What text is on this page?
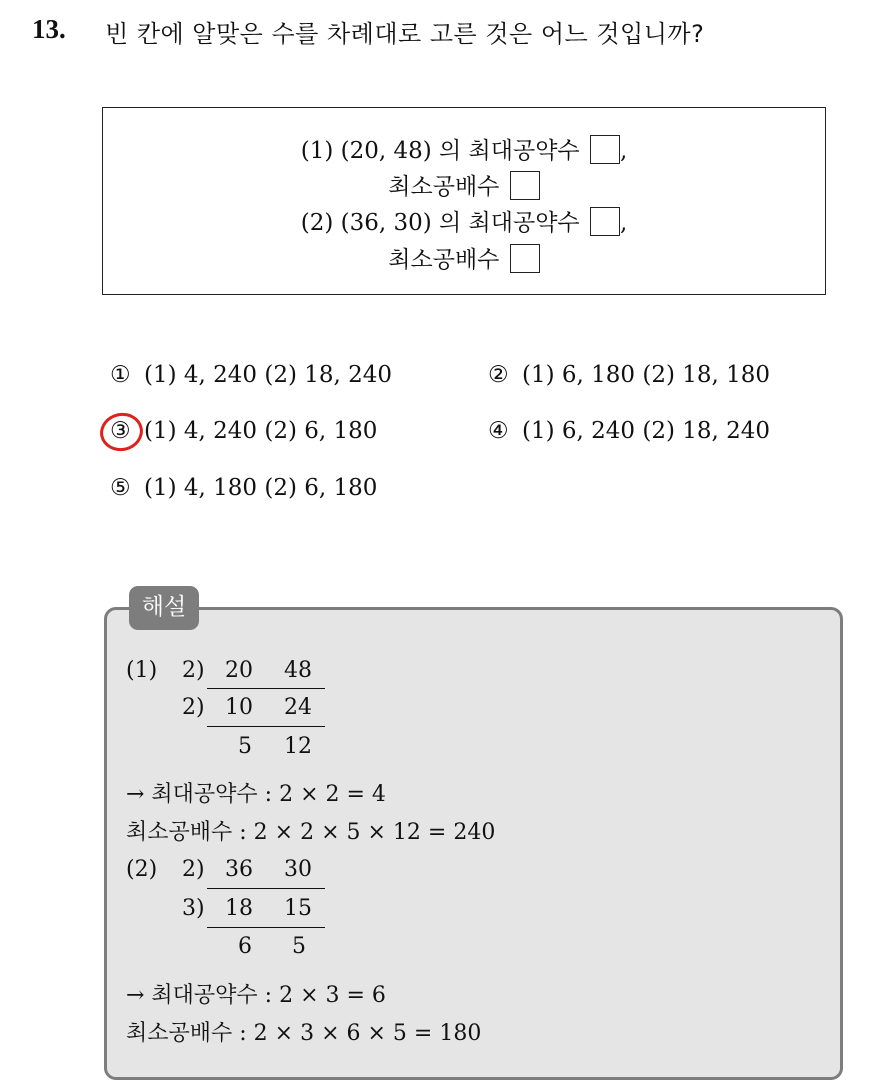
13. 빈 칸에 알맞은 수를 차례대로 고른 것은 어느 것입니까?
(1) (20, 48) 의 최대공약수 ,
최소공배수
(2) (36, 30) 의 최대공약수 ,
최소공배수
① (1) 4, 240 (2) 18, 240	② (1) 6, 180 (2) 18, 180
③ (1) 4, 240 (2) 6, 180	④ (1) 6, 240 (2) 18, 240
⑤ (1) 4, 180 (2) 6, 180
(1) 2) 20 48
2) 10 24
5 12
→ 최대공약수 : 2 × 2 = 4
최소공배수 : 2 × 2 × 5 × 12 = 240
(2) 2) 36 30
3) 18 15
6 5
→ 최대공약수 : 2 × 3 = 6
최소공배수 : 2 × 3 × 6 × 5 = 180
해설
